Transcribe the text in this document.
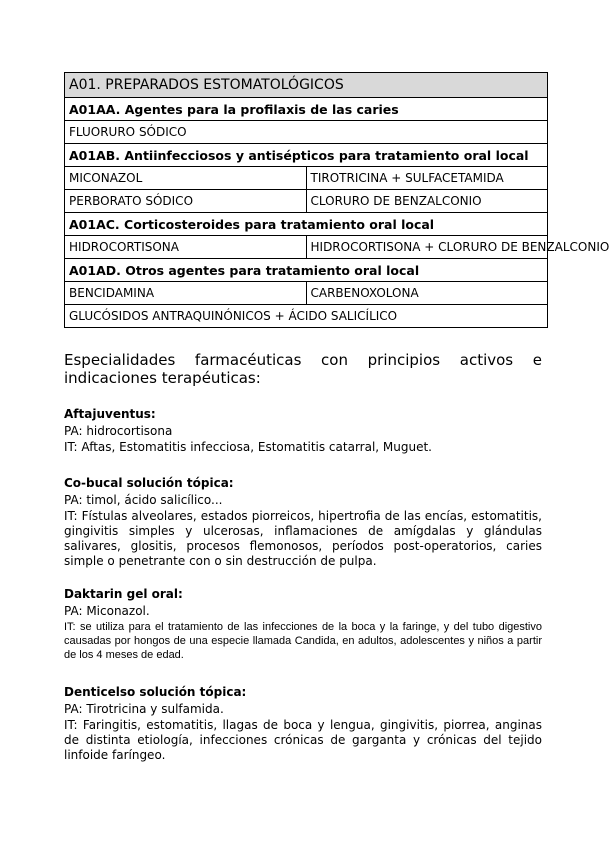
A01. PREPARADOS ESTOMATOLÓGICOS	
A01AA. Agentes para la profilaxis de las caries	
FLUORURO SÓDICO	
A01AB. Antiinfecciosos y antisépticos para tratamiento oral local	
MICONAZOL	TIROTRICINA + SULFACETAMIDA
PERBORATO SÓDICO	CLORURO DE BENZALCONIO
A01AC. Corticosteroides para tratamiento oral local	
HIDROCORTISONA	HIDROCORTISONA + CLORURO DE BENZALCONIO
A01AD. Otros agentes para tratamiento oral local	
BENCIDAMINA	CARBENOXOLONA
GLUCÓSIDOS ANTRAQUINÓNICOS + ÁCIDO SALICÍLICO	
Especialidades farmacéuticas con principios activos e indicaciones terapéuticas:
Aftajuventus:
PA: hidrocortisona
IT: Aftas, Estomatitis infecciosa, Estomatitis catarral, Muguet.
Co-bucal solución tópica:
PA: timol, ácido salicílico...
IT: Fístulas alveolares, estados piorreicos, hipertrofia de las encías, estomatitis, gingivitis simples y ulcerosas, inflamaciones de amígdalas y glándulas salivares, glositis, procesos flemonosos, períodos post-operatorios, caries simple o penetrante con o sin destrucción de pulpa.
Daktarin gel oral:
PA: Miconazol.
IT: se utiliza para el tratamiento de las infecciones de la boca y la faringe, y del tubo digestivo causadas por hongos de una especie llamada Candida, en adultos, adolescentes y niños a partir de los 4 meses de edad.
Denticelso solución tópica:
PA: Tirotricina y sulfamida.
IT: Faringitis, estomatitis, llagas de boca y lengua, gingivitis, piorrea, anginas de distinta etiología, infecciones crónicas de garganta y crónicas del tejido linfoide faríngeo.
